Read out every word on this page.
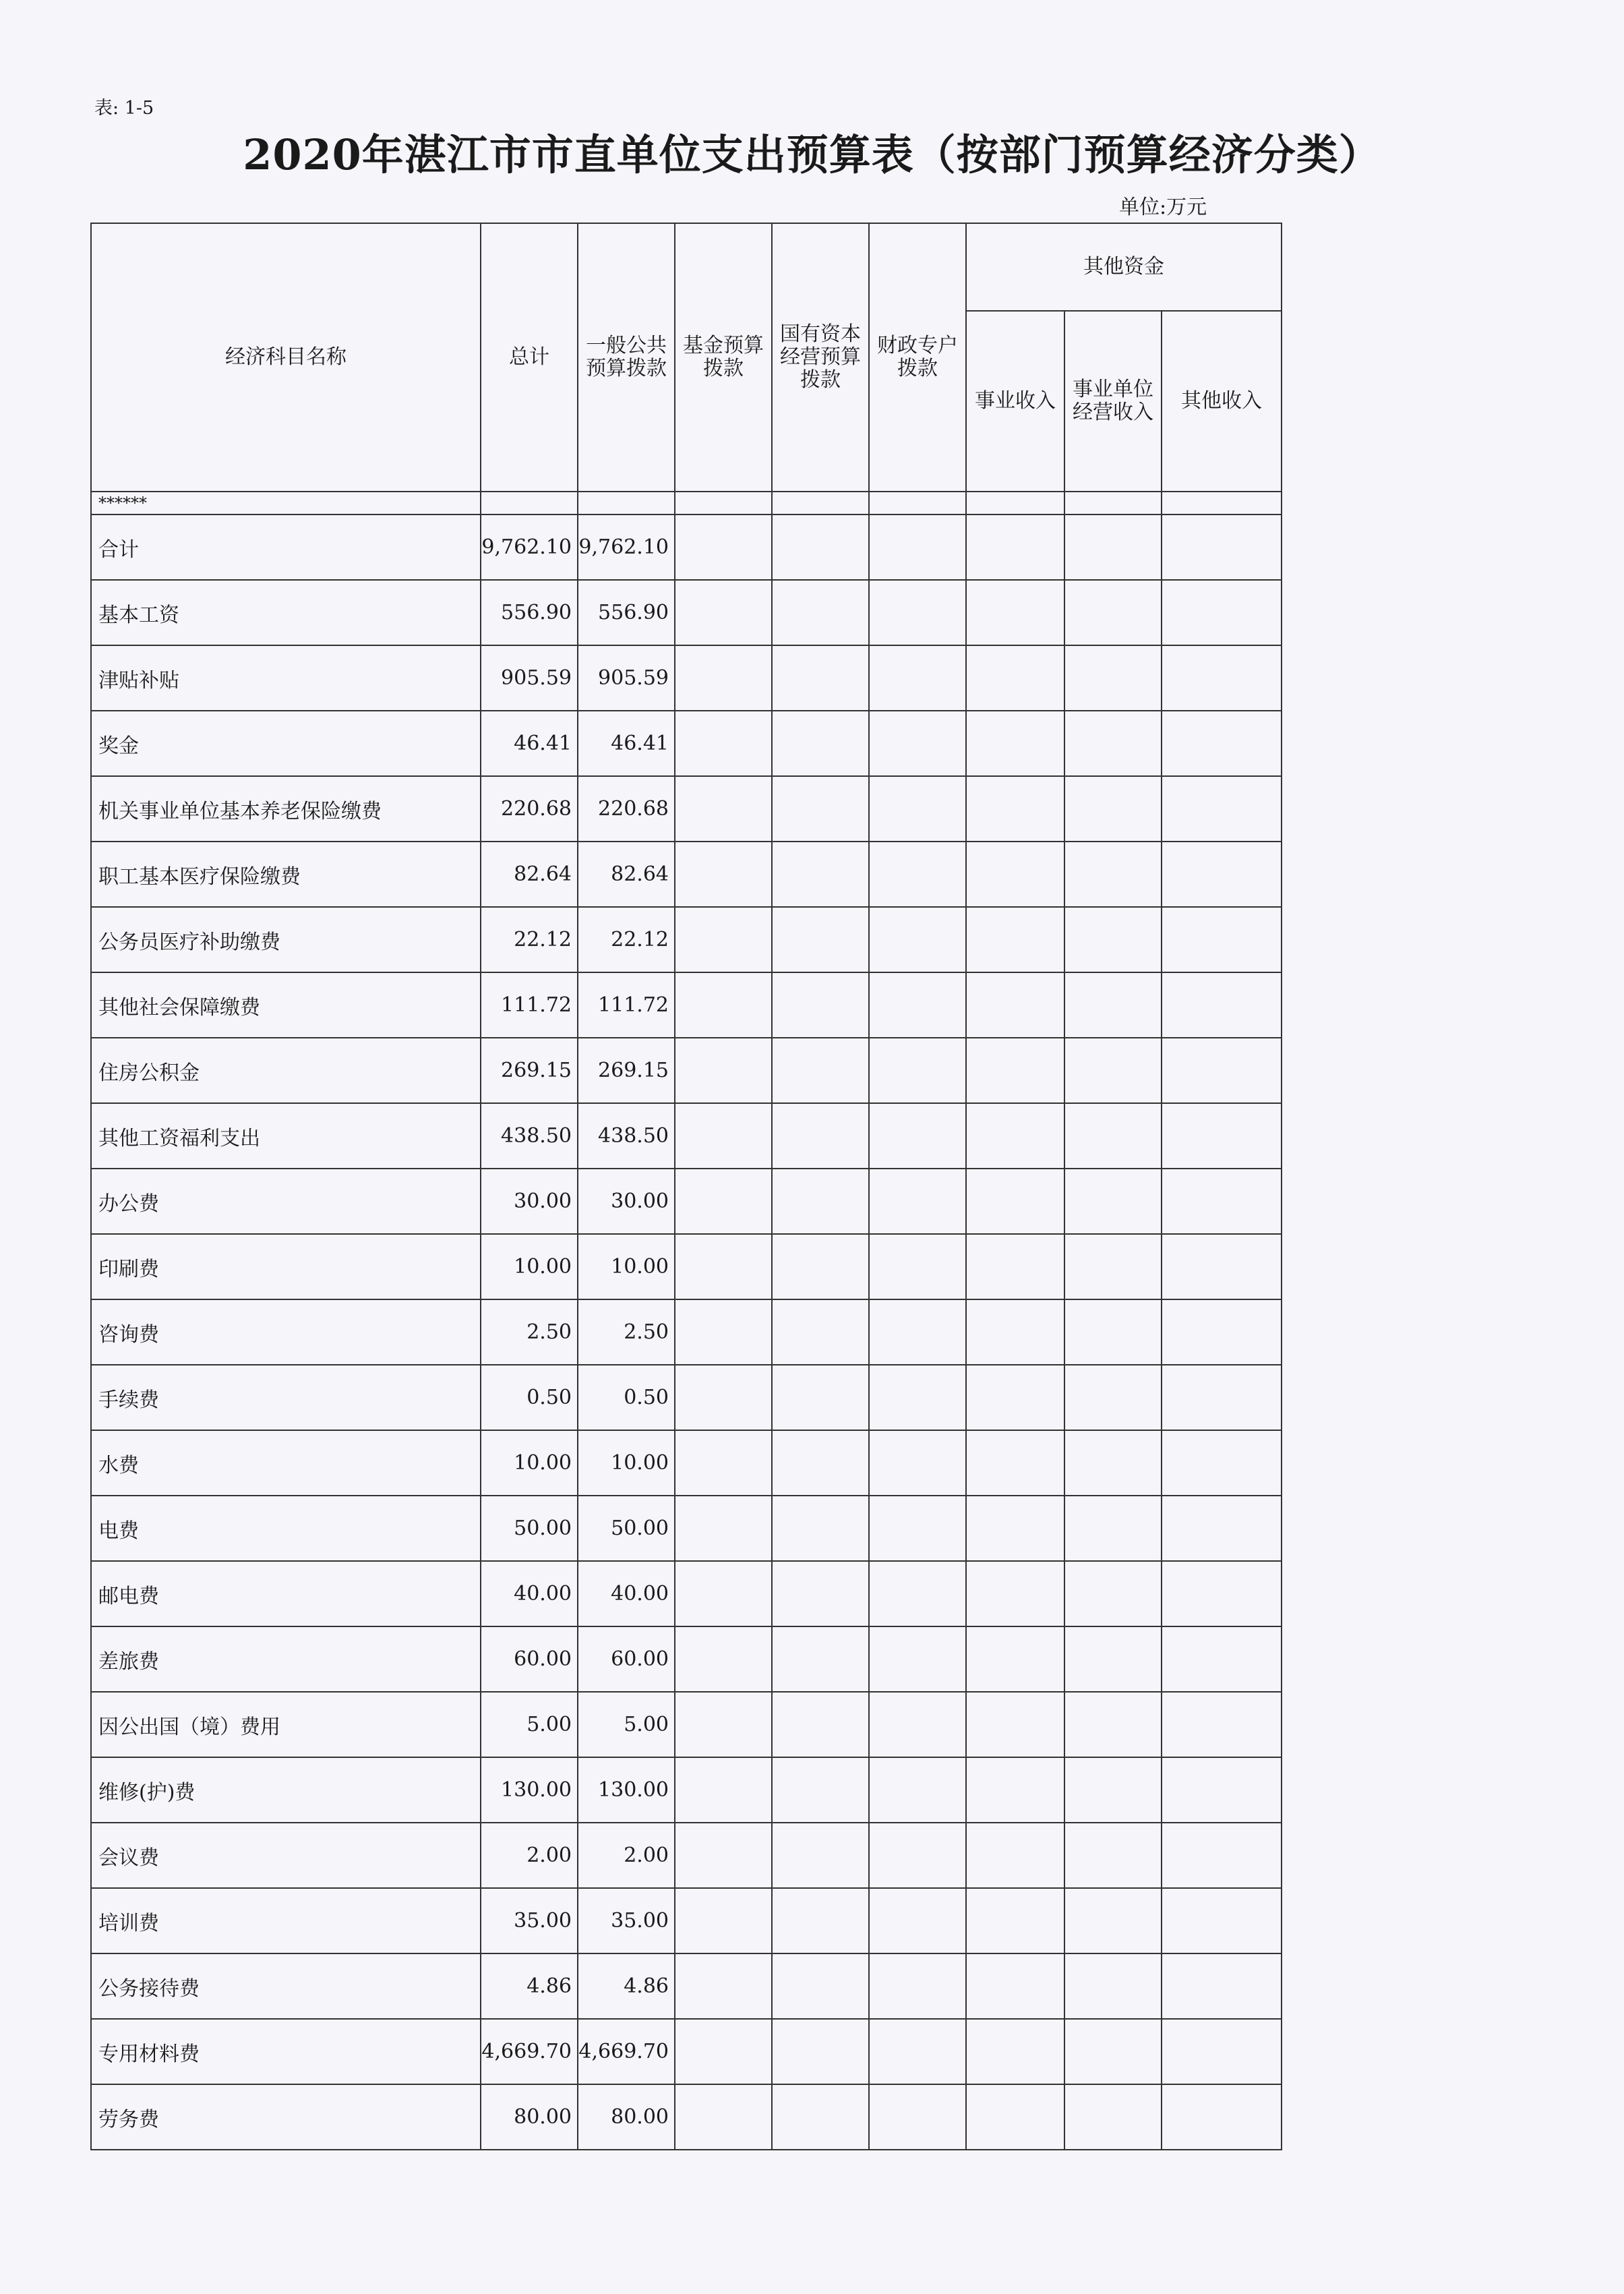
表: 1-5
2020年湛江市市直单位支出预算表（按部门预算经济分类）
单位:万元
经济科目名称	总计	一般公共预算拨款	基金预算拨款	国有资本经营预算拨款	财政专户拨款	其他资金		
						事业收入	事业单位经营收入	其他收入
******								
合计	9,762.10	9,762.10						
基本工资	556.90	556.90						
津贴补贴	905.59	905.59						
奖金	46.41	46.41						
机关事业单位基本养老保险缴费	220.68	220.68						
职工基本医疗保险缴费	82.64	82.64						
公务员医疗补助缴费	22.12	22.12						
其他社会保障缴费	111.72	111.72						
住房公积金	269.15	269.15						
其他工资福利支出	438.50	438.50						
办公费	30.00	30.00						
印刷费	10.00	10.00						
咨询费	2.50	2.50						
手续费	0.50	0.50						
水费	10.00	10.00						
电费	50.00	50.00						
邮电费	40.00	40.00						
差旅费	60.00	60.00						
因公出国（境）费用	5.00	5.00						
维修(护)费	130.00	130.00						
会议费	2.00	2.00						
培训费	35.00	35.00						
公务接待费	4.86	4.86						
专用材料费	4,669.70	4,669.70						
劳务费	80.00	80.00						
